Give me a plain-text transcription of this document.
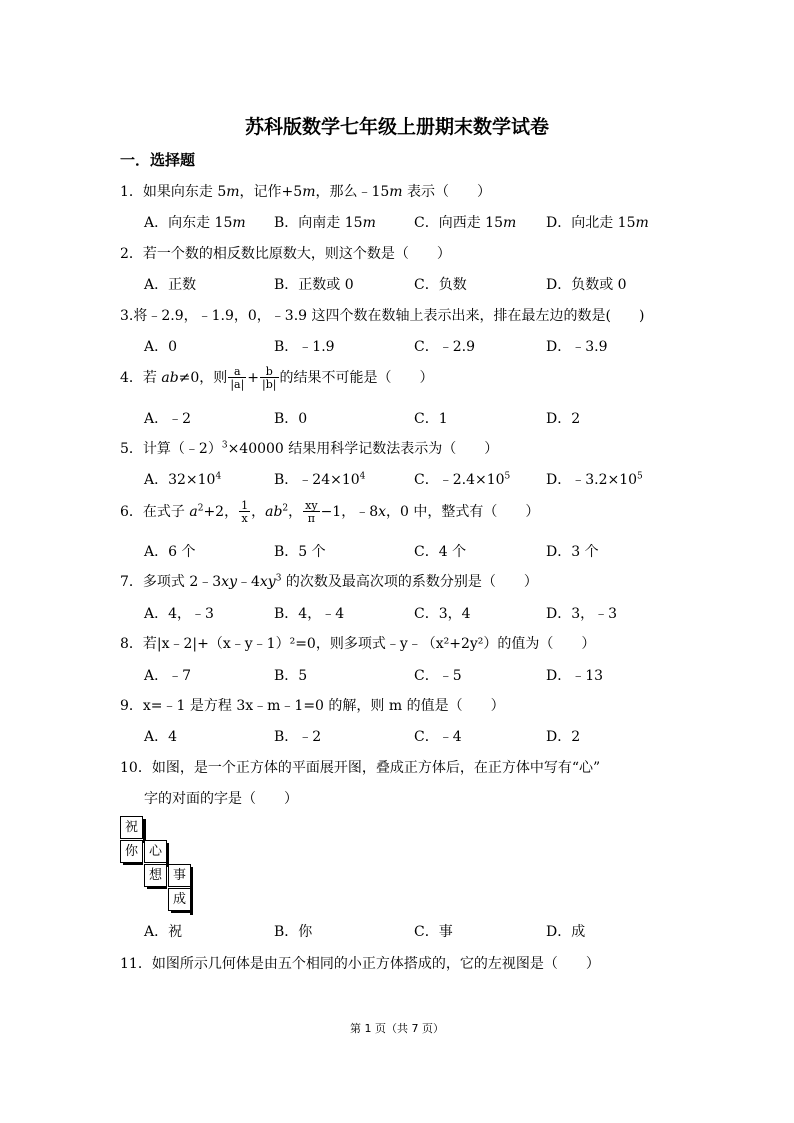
苏科版数学七年级上册期末数学试卷
一．选择题
1．如果向东走 5m，记作+5m，那么﹣15m 表示（　　）
A．向东走 15m B．向南走 15m	C．向西走 15m D．向北走 15m
2．若一个数的相反数比原数大，则这个数是（　　）
A．正数	B．正数或 0	C．负数	D．负数或 0
3.将﹣2.9，﹣1.9，0，﹣3.9 这四个数在数轴上表示出来，排在最左边的数是(　　)
A．0	B．﹣1.9	C．﹣2.9	D．﹣3.9
4．若 ab≠0，则 $\frac{a}{|a|} + \frac{b}{|b|}$ 的结果不可能是（　　）
A．﹣2	B．0	C．1	D．2
5．计算（﹣2）$^3$×40000 结果用科学记数法表示为（　　）
A．$32\times 10^4$	B．$﹣24\times 10^4$	C．$﹣2.4\times 10^5$	D．$﹣3.2\times 10^5$
6．在式子 $a^2+2$， $\frac{1}{x}$ ，$ab^2$， $\frac{xy}{\pi} -1$，﹣8x，0 中，整式有（　　）
A．6 个	B．5 个	C．4 个	D．3 个
7．多项式 $2﹣3xy﹣4xy^3$ 的次数及最高次项的系数分别是（　　）
A．4，﹣3	B．4，﹣4	C．3，4	D．3，﹣3
8．若|x﹣2|+（x﹣y﹣1）²=0，则多项式﹣y﹣（x²+2y²）的值为（　　）
A．﹣7	B．5	C．﹣5	D．﹣13
9．x=﹣1 是方程 3x﹣m﹣1=0 的解，则 m 的值是（　　）
A．4	B．﹣2	C．﹣4	D．2
10．如图，是一个正方体的平面展开图，叠成正方体后，在正方体中写有“心”
字的对面的字是（　　）
祝
你 心
想 事
成
A．祝	B．你	C．事	D．成
11．如图所示几何体是由五个相同的小正方体搭成的，它的左视图是（　　）
第 1 页（共 7 页）
